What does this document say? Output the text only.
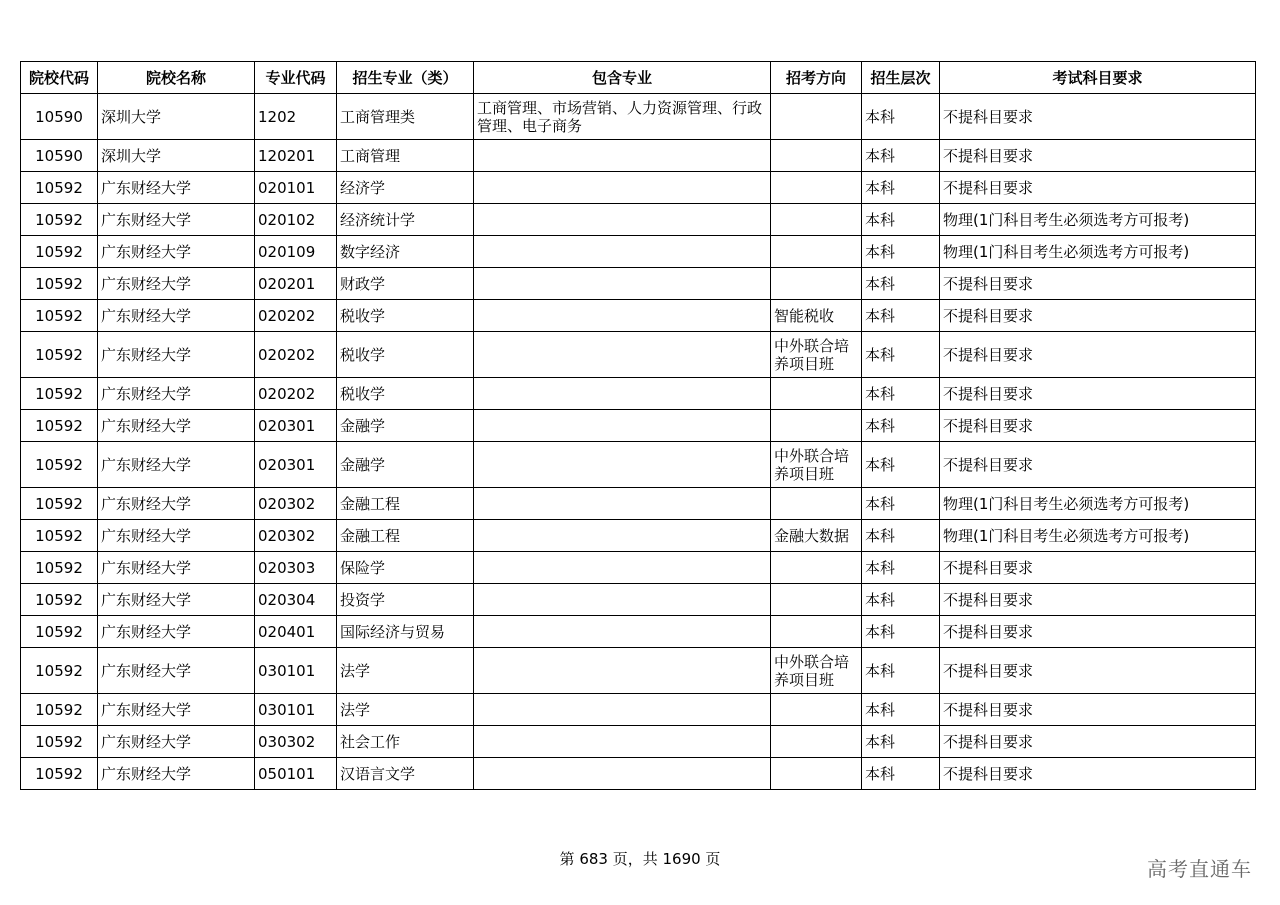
院校代码	院校名称	专业代码	招生专业（类）	包含专业	招考方向	招生层次	考试科目要求
10590	深圳大学	1202	工商管理类	工商管理、市场营销、人力资源管理、行政管理、电子商务		本科	不提科目要求
10590	深圳大学	120201	工商管理			本科	不提科目要求
10592	广东财经大学	020101	经济学			本科	不提科目要求
10592	广东财经大学	020102	经济统计学			本科	物理(1门科目考生必须选考方可报考)
10592	广东财经大学	020109	数字经济			本科	物理(1门科目考生必须选考方可报考)
10592	广东财经大学	020201	财政学			本科	不提科目要求
10592	广东财经大学	020202	税收学		智能税收	本科	不提科目要求
10592	广东财经大学	020202	税收学		中外联合培养项目班	本科	不提科目要求
10592	广东财经大学	020202	税收学			本科	不提科目要求
10592	广东财经大学	020301	金融学			本科	不提科目要求
10592	广东财经大学	020301	金融学		中外联合培养项目班	本科	不提科目要求
10592	广东财经大学	020302	金融工程			本科	物理(1门科目考生必须选考方可报考)
10592	广东财经大学	020302	金融工程		金融大数据	本科	物理(1门科目考生必须选考方可报考)
10592	广东财经大学	020303	保险学			本科	不提科目要求
10592	广东财经大学	020304	投资学			本科	不提科目要求
10592	广东财经大学	020401	国际经济与贸易			本科	不提科目要求
10592	广东财经大学	030101	法学		中外联合培养项目班	本科	不提科目要求
10592	广东财经大学	030101	法学			本科	不提科目要求
10592	广东财经大学	030302	社会工作			本科	不提科目要求
10592	广东财经大学	050101	汉语言文学			本科	不提科目要求
第 683 页，共 1690 页	高考直通车
